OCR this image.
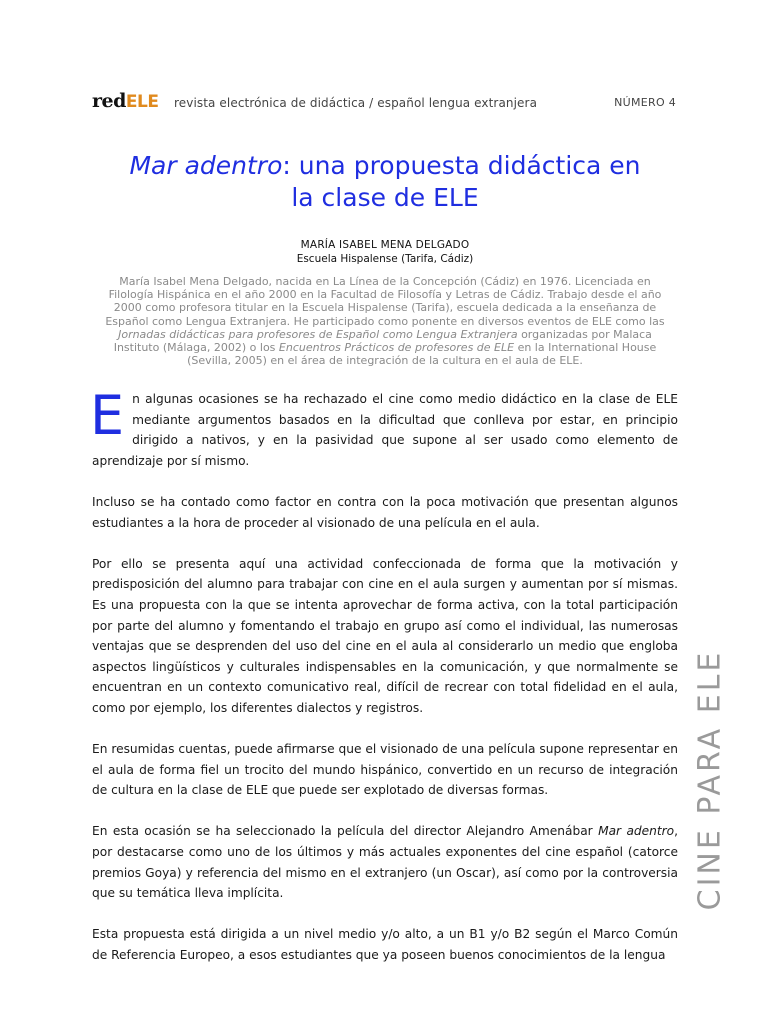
redELE revista electrónica de didáctica / español lengua extranjera	NÚMERO 4
Mar adentro: una propuesta didáctica en
la clase de ELE
MARÍA ISABEL MENA DELGADO
Escuela Hispalense (Tarifa, Cádiz)
María Isabel Mena Delgado, nacida en La Línea de la Concepción (Cádiz) en 1976. Licenciada en Filología Hispánica en el año 2000 en la Facultad de Filosofía y Letras de Cádiz. Trabajo desde el año 2000 como profesora titular en la Escuela Hispalense (Tarifa), escuela dedicada a la enseñanza de Español como Lengua Extranjera. He participado como ponente en diversos eventos de ELE como las Jornadas didácticas para profesores de Español como Lengua Extranjera organizadas por Malaca Instituto (Málaga, 2002) o los Encuentros Prácticos de profesores de ELE en la International House (Sevilla, 2005) en el área de integración de la cultura en el aula de ELE.

En algunas ocasiones se ha rechazado el cine como medio didáctico en la clase de ELE mediante argumentos basados en la dificultad que conlleva por estar, en principio dirigido a nativos, y en la pasividad que supone al ser usado como elemento de aprendizaje por sí mismo.

Incluso se ha contado como factor en contra con la poca motivación que presentan algunos estudiantes a la hora de proceder al visionado de una película en el aula.

Por ello se presenta aquí una actividad confeccionada de forma que la motivación y predisposición del alumno para trabajar con cine en el aula surgen y aumentan por sí mismas. Es una propuesta con la que se intenta aprovechar de forma activa, con la total participación por parte del alumno y fomentando el trabajo en grupo así como el individual, las numerosas ventajas que se desprenden del uso del cine en el aula al considerarlo un medio que engloba aspectos lingüísticos y culturales indispensables en la comunicación, y que normalmente se encuentran en un contexto comunicativo real, difícil de recrear con total fidelidad en el aula, como por ejemplo, los diferentes dialectos y registros.

En resumidas cuentas, puede afirmarse que el visionado de una película supone representar en el aula de forma fiel un trocito del mundo hispánico, convertido en un recurso de integración de cultura en la clase de ELE que puede ser explotado de diversas formas.

En esta ocasión se ha seleccionado la película del director Alejandro Amenábar Mar adentro, por destacarse como uno de los últimos y más actuales exponentes del cine español (catorce premios Goya) y referencia del mismo en el extranjero (un Oscar), así como por la controversia que su temática lleva implícita.

Esta propuesta está dirigida a un nivel medio y/o alto, a un B1 y/o B2 según el Marco Común de Referencia Europeo, a esos estudiantes que ya poseen buenos conocimientos de la lengua

CINE PARA ELE
